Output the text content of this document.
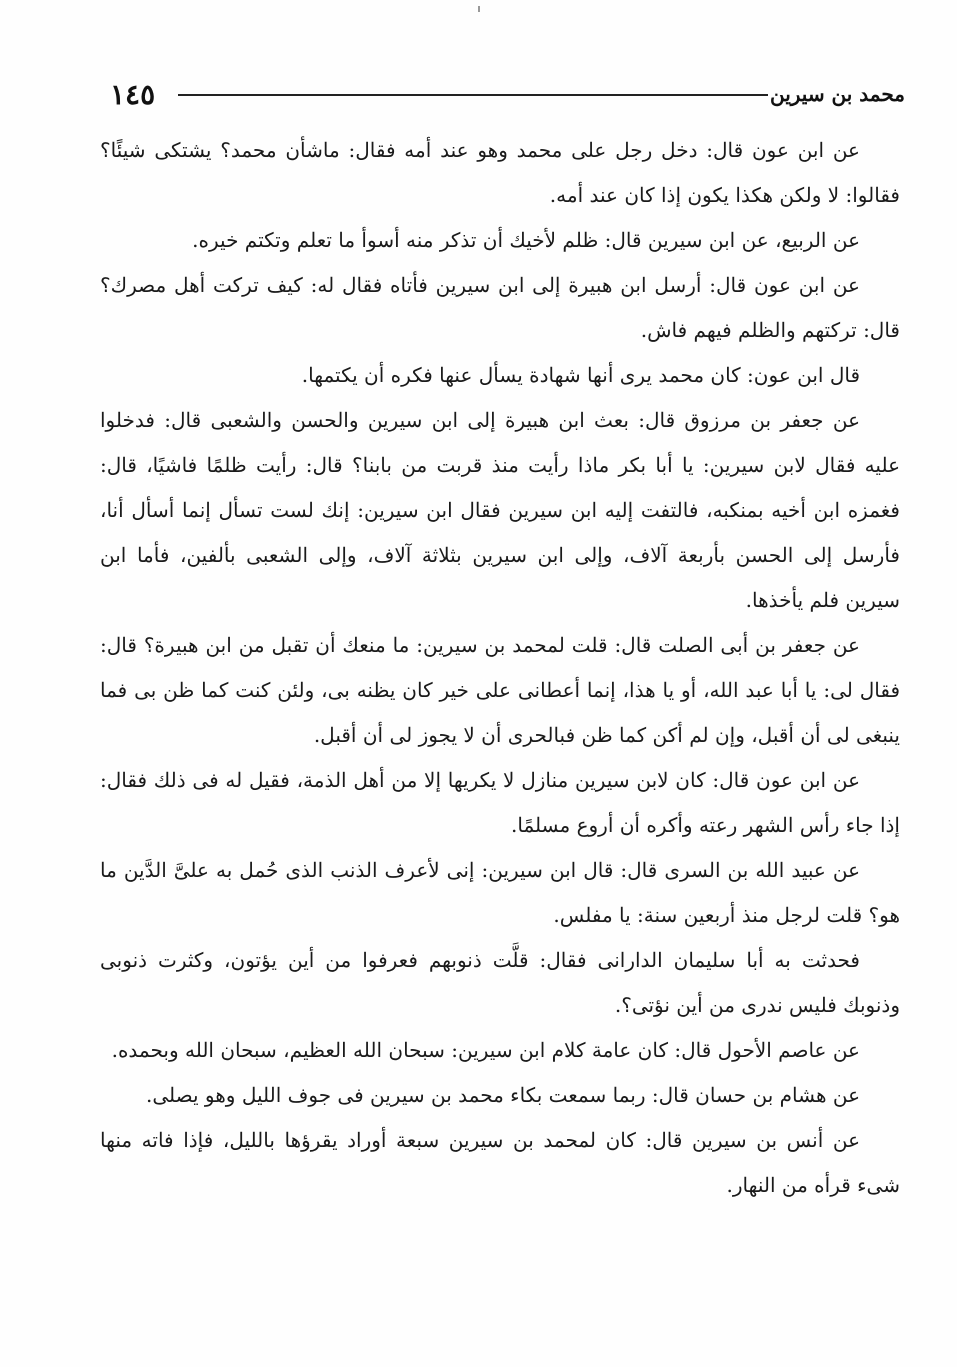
١٤٥	محمد بن سيرين

عن ابن عون قال: دخل رجل على محمد وهو عند أمه فقال: ماشأن محمد؟ يشتكى شيئًا؟ فقالوا: لا ولكن هكذا يكون إذا كان عند أمه.

عن الربيع، عن ابن سيرين قال: ظلم لأخيك أن تذكر منه أسوأ ما تعلم وتكتم خيره.

عن ابن عون قال: أرسل ابن هبيرة إلى ابن سيرين فأتاه فقال له: كيف تركت أهل مصرك؟ قال: تركتهم والظلم فيهم فاش.

قال ابن عون: كان محمد يرى أنها شهادة يسأل عنها فكره أن يكتمها.

عن جعفر بن مرزوق قال: بعث ابن هبيرة إلى ابن سيرين والحسن والشعبى قال: فدخلوا عليه فقال لابن سيرين: يا أبا بكر ماذا رأيت منذ قربت من بابنا؟ قال: رأيت ظلمًا فاشيًا، قال: فغمزه ابن أخيه بمنكبه، فالتفت إليه ابن سيرين فقال ابن سيرين: إنك لست تسأل إنما أسأل أنا، فأرسل إلى الحسن بأربعة آلاف، وإلى ابن سيرين بثلاثة آلاف، وإلى الشعبى بألفين، فأما ابن سيرين فلم يأخذها.

عن جعفر بن أبى الصلت قال: قلت لمحمد بن سيرين: ما منعك أن تقبل من ابن هبيرة؟ قال: فقال لى: يا أبا عبد الله، أو يا هذا، إنما أعطانى على خير كان يظنه بى، ولئن كنت كما ظن بى فما ينبغى لى أن أقبل، وإن لم أكن كما ظن فبالحرى أن لا يجوز لى أن أقبل.

عن ابن عون قال: كان لابن سيرين منازل لا يكريها إلا من أهل الذمة، فقيل له فى ذلك فقال: إذا جاء رأس الشهر رعته وأكره أن أروع مسلمًا.

عن عبيد الله بن السرى قال: قال ابن سيرين: إنى لأعرف الذنب الذى حُمل به علىَّ الدَّين ما هو؟ قلت لرجل منذ أربعين سنة: يا مفلس.

فحدثت به أبا سليمان الدارانى فقال: قلَّت ذنوبهم فعرفوا من أين يؤتون، وكثرت ذنوبى وذنوبك فليس ندرى من أين نؤتى؟.

عن عاصم الأحول قال: كان عامة كلام ابن سيرين: سبحان الله العظيم، سبحان الله وبحمده.

عن هشام بن حسان قال: ربما سمعت بكاء محمد بن سيرين فى جوف الليل وهو يصلى.

عن أنس بن سيرين قال: كان لمحمد بن سيرين سبعة أوراد يقرؤها بالليل، فإذا فاته منها شىء قرأه من النهار.
